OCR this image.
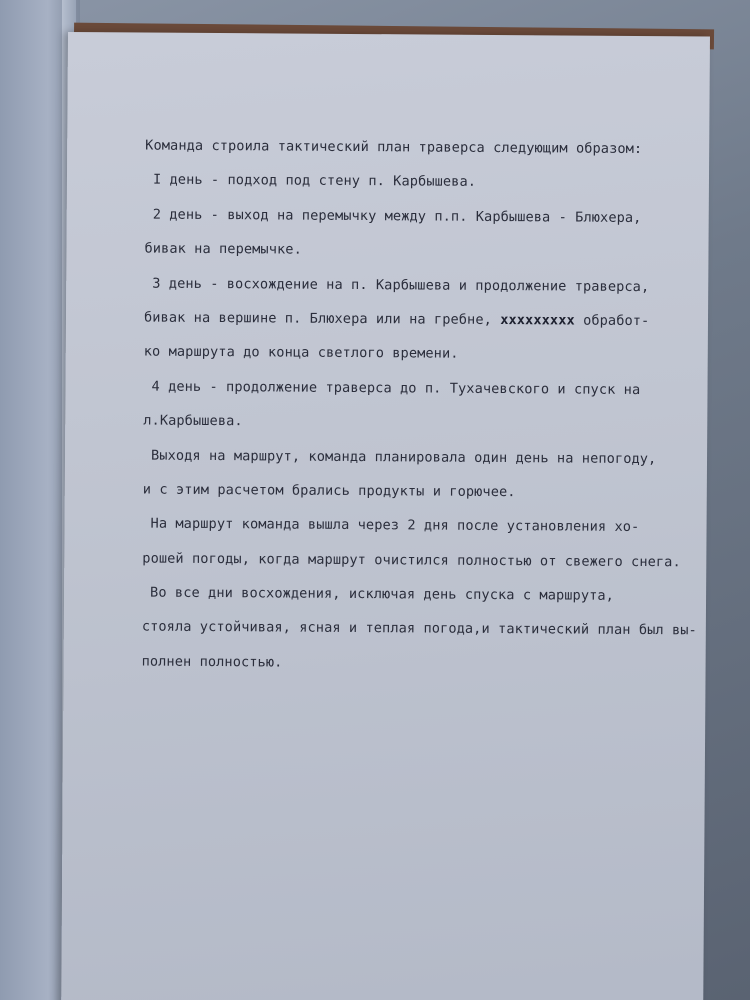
Команда строила тактический план траверса следующим образом:
I день - подход под стену п. Карбышева.
2 день - выход на перемычку между п.п. Карбышева - Блюхера,
бивак на перемычке.
3 день - восхождение на п. Карбышева и продолжение траверса,
бивак на вершине п. Блюхера или на гребне, ххххххххх обработ-
ко маршрута до конца светлого времени.
4 день - продолжение траверса до п. Тухачевского и спуск на
л.Карбышева.
Выходя на маршрут, команда планировала один день на непогоду,
и с этим расчетом брались продукты и горючее.
На маршрут команда вышла через 2 дня после установления хо-
рошей погоды, когда маршрут очистился полностью от свежего снега.
Во все дни восхождения, исключая день спуска с маршрута,
стояла устойчивая, ясная и теплая погода,и тактический план был вы-
полнен полностью.
